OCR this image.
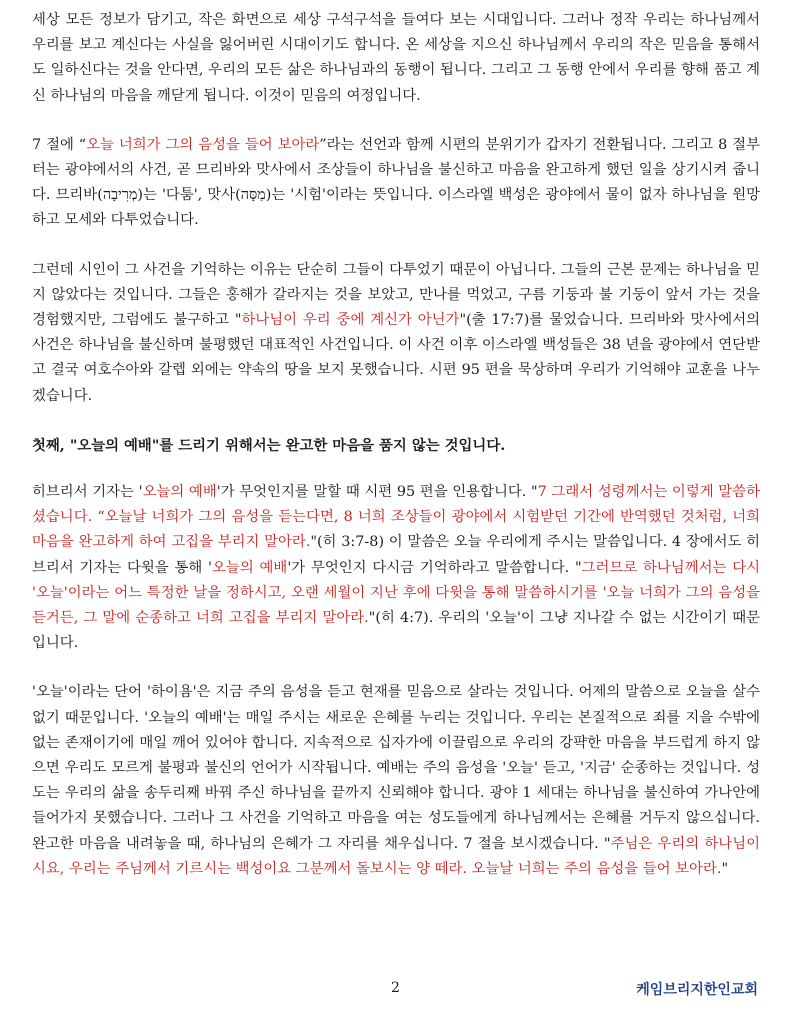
세상 모든 정보가 담기고, 작은 화면으로 세상 구석구석을 들여다 보는 시대입니다. 그러나 정작 우리는 하나님께서 우리를 보고 계신다는 사실을 잃어버린 시대이기도 합니다. 온 세상을 지으신 하나님께서 우리의 작은 믿음을 통해서도 일하신다는 것을 안다면, 우리의 모든 삶은 하나님과의 동행이 됩니다. 그리고 그 동행 안에서 우리를 향해 품고 계신 하나님의 마음을 깨닫게 됩니다. 이것이 믿음의 여정입니다.

7 절에 “오늘 너희가 그의 음성을 들어 보아라”라는 선언과 함께 시편의 분위기가 갑자기 전환됩니다. 그리고 8 절부터는 광야에서의 사건, 곧 므리바와 맛사에서 조상들이 하나님을 불신하고 마음을 완고하게 했던 일을 상기시켜 줍니다. 므리바(מְרִיבָה)는 '다툼', 맛사(מַסָּה)는 '시험'이라는 뜻입니다. 이스라엘 백성은 광야에서 물이 없자 하나님을 원망하고 모세와 다투었습니다.

그런데 시인이 그 사건을 기억하는 이유는 단순히 그들이 다투었기 때문이 아닙니다. 그들의 근본 문제는 하나님을 믿지 않았다는 것입니다. 그들은 홍해가 갈라지는 것을 보았고, 만나를 먹었고, 구름 기둥과 불 기둥이 앞서 가는 것을 경험했지만, 그럼에도 불구하고 "하나님이 우리 중에 계신가 아닌가"(출 17:7)를 물었습니다. 므리바와 맛사에서의 사건은 하나님을 불신하며 불평했던 대표적인 사건입니다. 이 사건 이후 이스라엘 백성들은 38 년을 광야에서 연단받고 결국 여호수아와 갈렙 외에는 약속의 땅을 보지 못했습니다. 시편 95 편을 묵상하며 우리가 기억해야 교훈을 나누겠습니다.

첫째, "오늘의 예배"를 드리기 위해서는 완고한 마음을 품지 않는 것입니다.

히브리서 기자는 '오늘의 예배'가 무엇인지를 말할 때 시편 95 편을 인용합니다. "7 그래서 성령께서는 이렇게 말씀하셨습니다. “오늘날 너희가 그의 음성을 듣는다면, 8 너희 조상들이 광야에서 시험받던 기간에 반역했던 것처럼, 너희 마음을 완고하게 하여 고집을 부리지 말아라."(히 3:7-8) 이 말씀은 오늘 우리에게 주시는 말씀입니다. 4 장에서도 히브리서 기자는 다윗을 통해 '오늘의 예배'가 무엇인지 다시금 기억하라고 말씀합니다. "그러므로 하나님께서는 다시 '오늘'이라는 어느 특정한 날을 정하시고, 오랜 세월이 지난 후에 다윗을 통해 말씀하시기를 '오늘 너희가 그의 음성을 듣거든, 그 말에 순종하고 너희 고집을 부리지 말아라."(히 4:7). 우리의 '오늘'이 그냥 지나갈 수 없는 시간이기 때문입니다.

'오늘'이라는 단어 '하이욤'은 지금 주의 음성을 듣고 현재를 믿음으로 살라는 것입니다. 어제의 말씀으로 오늘을 살수 없기 때문입니다. '오늘의 예배'는 매일 주시는 새로운 은혜를 누리는 것입니다. 우리는 본질적으로 죄를 지을 수밖에 없는 존재이기에 매일 깨어 있어야 합니다. 지속적으로 십자가에 이끌림으로 우리의 강퍅한 마음을 부드럽게 하지 않으면 우리도 모르게 불평과 불신의 언어가 시작됩니다. 예배는 주의 음성을 '오늘' 듣고, '지금' 순종하는 것입니다. 성도는 우리의 삶을 송두리째 바꿔 주신 하나님을 끝까지 신뢰해야 합니다. 광야 1 세대는 하나님을 불신하여 가나안에 들어가지 못했습니다. 그러나 그 사건을 기억하고 마음을 여는 성도들에게 하나님께서는 은혜를 거두지 않으십니다. 완고한 마음을 내려놓을 때, 하나님의 은혜가 그 자리를 채우십니다. 7 절을 보시겠습니다. "주님은 우리의 하나님이시요, 우리는 주님께서 기르시는 백성이요 그분께서 돌보시는 양 떼라. 오늘날 너희는 주의 음성을 들어 보아라."

2	케임브리지한인교회
